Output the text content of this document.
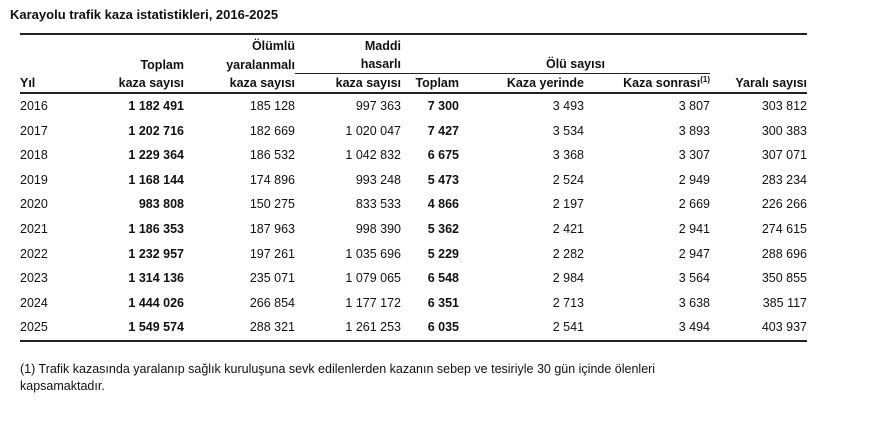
Karayolu trafik kaza istatistikleri, 2016-2025
		Ölümlü	Maddi				
	Toplam	yaralanmalı	hasarlı	Ölü sayısı			
Yıl	kaza sayısı	kaza sayısı	kaza sayısı	Toplam	Kaza yerinde	Kaza sonrası$^{(1)}$	Yaralı sayısı
2016	1 182 491	185 128	997 363	7 300	3 493	3 807	303 812
2017	1 202 716	182 669	1 020 047	7 427	3 534	3 893	300 383
2018	1 229 364	186 532	1 042 832	6 675	3 368	3 307	307 071
2019	1 168 144	174 896	993 248	5 473	2 524	2 949	283 234
2020	983 808	150 275	833 533	4 866	2 197	2 669	226 266
2021	1 186 353	187 963	998 390	5 362	2 421	2 941	274 615
2022	1 232 957	197 261	1 035 696	5 229	2 282	2 947	288 696
2023	1 314 136	235 071	1 079 065	6 548	2 984	3 564	350 855
2024	1 444 026	266 854	1 177 172	6 351	2 713	3 638	385 117
2025	1 549 574	288 321	1 261 253	6 035	2 541	3 494	403 937
(1) Trafik kazasında yaralanıp sağlık kuruluşuna sevk edilenlerden kazanın sebep ve tesiriyle 30 gün içinde ölenleri
kapsamaktadır.
